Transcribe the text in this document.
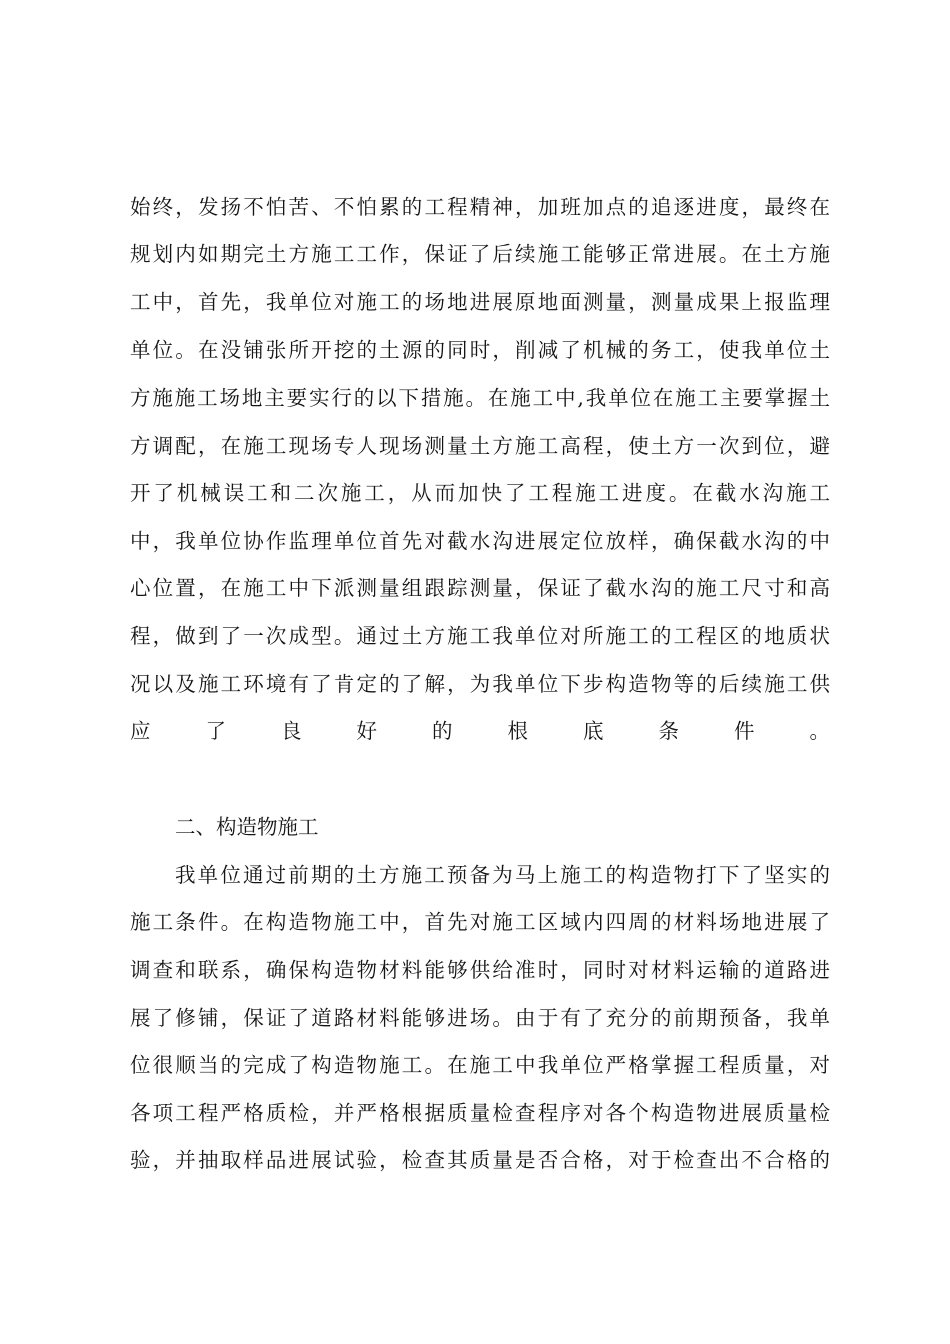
始终，发扬不怕苦、不怕累的工程精神，加班加点的追逐进度，最终在
规划内如期完土方施工工作，保证了后续施工能够正常进展。在土方施
工中，首先，我单位对施工的场地进展原地面测量，测量成果上报监理
单位。在没铺张所开挖的土源的同时，削减了机械的务工，使我单位土
方施施工场地主要实行的以下措施。在施工中,我单位在施工主要掌握土
方调配，在施工现场专人现场测量土方施工高程，使土方一次到位，避
开了机械误工和二次施工，从而加快了工程施工进度。在截水沟施工
中，我单位协作监理单位首先对截水沟进展定位放样，确保截水沟的中
心位置，在施工中下派测量组跟踪测量，保证了截水沟的施工尺寸和高
程，做到了一次成型。通过土方施工我单位对所施工的工程区的地质状
况以及施工环境有了肯定的了解，为我单位下步构造物等的后续施工供
应了良好的根底条件。
二、构造物施工
我单位通过前期的土方施工预备为马上施工的构造物打下了坚实的
施工条件。在构造物施工中，首先对施工区域内四周的材料场地进展了
调查和联系，确保构造物材料能够供给准时，同时对材料运输的道路进
展了修铺，保证了道路材料能够进场。由于有了充分的前期预备，我单
位很顺当的完成了构造物施工。在施工中我单位严格掌握工程质量，对
各项工程严格质检，并严格根据质量检查程序对各个构造物进展质量检
验，并抽取样品进展试验，检查其质量是否合格，对于检查出不合格的
